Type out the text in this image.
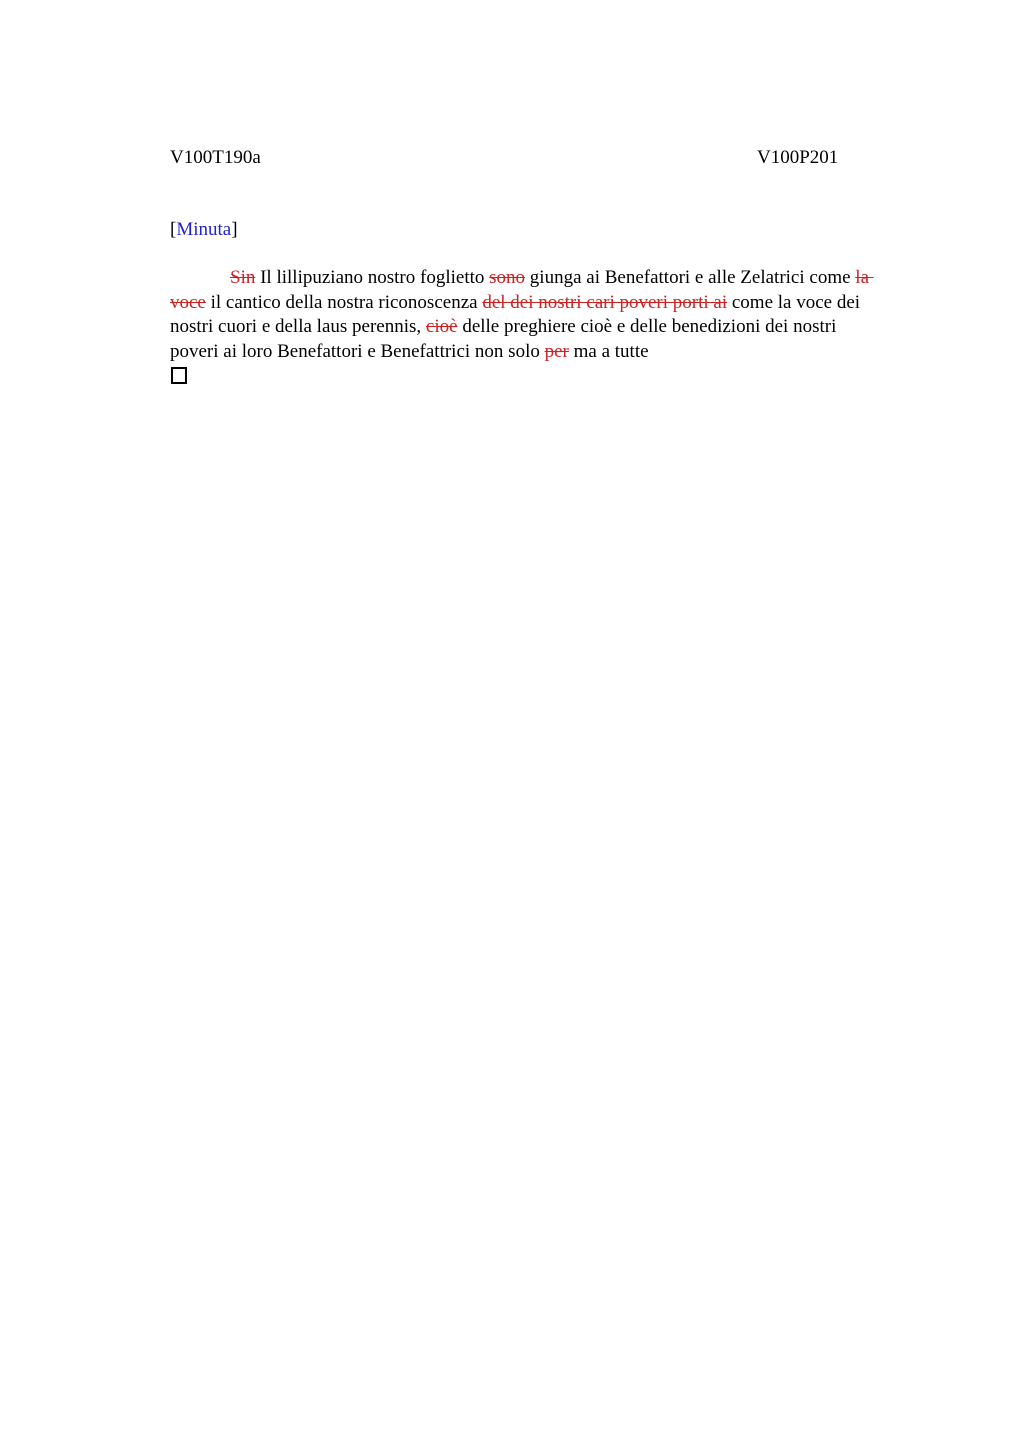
V100T190a	V100P201
[Minuta]
Sin Il lillipuziano nostro foglietto sono giunga ai Benefattori e alle Zelatrici come la
voce il cantico della nostra riconoscenza del dei nostri cari poveri porti ai come la voce dei
nostri cuori e della laus perennis, cioè delle preghiere cioè e delle benedizioni dei nostri
poveri ai loro Benefattori e Benefattrici non solo per ma a tutte
